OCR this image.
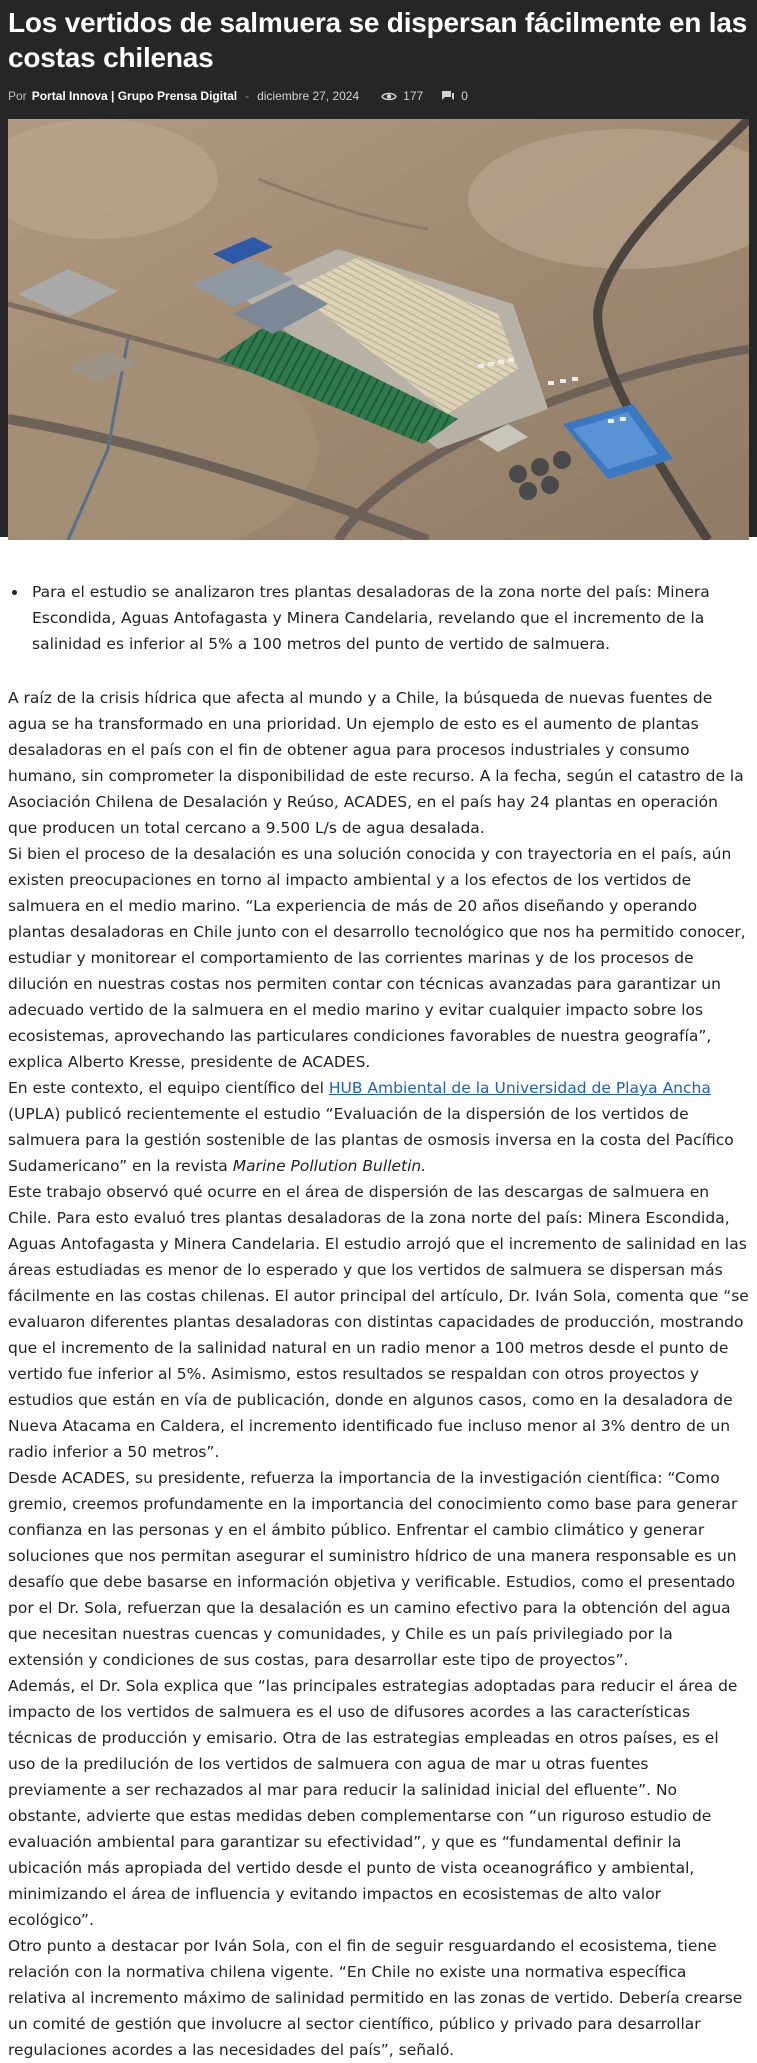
Los vertidos de salmuera se dispersan fácilmente en las costas chilenas
Por Portal Innova | Grupo Prensa Digital - diciembre 27, 2024	177	0
• Para el estudio se analizaron tres plantas desaladoras de la zona norte del país: Minera Escondida, Aguas Antofagasta y Minera Candelaria, revelando que el incremento de la salinidad es inferior al 5% a 100 metros del punto de vertido de salmuera.

A raíz de la crisis hídrica que afecta al mundo y a Chile, la búsqueda de nuevas fuentes de agua se ha transformado en una prioridad. Un ejemplo de esto es el aumento de plantas desaladoras en el país con el fin de obtener agua para procesos industriales y consumo humano, sin comprometer la disponibilidad de este recurso. A la fecha, según el catastro de la Asociación Chilena de Desalación y Reúso, ACADES, en el país hay 24 plantas en operación que producen un total cercano a 9.500 L/s de agua desalada.

Si bien el proceso de la desalación es una solución conocida y con trayectoria en el país, aún existen preocupaciones en torno al impacto ambiental y a los efectos de los vertidos de salmuera en el medio marino. “La experiencia de más de 20 años diseñando y operando plantas desaladoras en Chile junto con el desarrollo tecnológico que nos ha permitido conocer, estudiar y monitorear el comportamiento de las corrientes marinas y de los procesos de dilución en nuestras costas nos permiten contar con técnicas avanzadas para garantizar un adecuado vertido de la salmuera en el medio marino y evitar cualquier impacto sobre los ecosistemas, aprovechando las particulares condiciones favorables de nuestra geografía”, explica Alberto Kresse, presidente de ACADES.

En este contexto, el equipo científico del HUB Ambiental de la Universidad de Playa Ancha (UPLA) publicó recientemente el estudio “Evaluación de la dispersión de los vertidos de salmuera para la gestión sostenible de las plantas de osmosis inversa en la costa del Pacífico Sudamericano” en la revista Marine Pollution Bulletin.

Este trabajo observó qué ocurre en el área de dispersión de las descargas de salmuera en Chile. Para esto evaluó tres plantas desaladoras de la zona norte del país: Minera Escondida, Aguas Antofagasta y Minera Candelaria. El estudio arrojó que el incremento de salinidad en las áreas estudiadas es menor de lo esperado y que los vertidos de salmuera se dispersan más fácilmente en las costas chilenas. El autor principal del artículo, Dr. Iván Sola, comenta que “se evaluaron diferentes plantas desaladoras con distintas capacidades de producción, mostrando que el incremento de la salinidad natural en un radio menor a 100 metros desde el punto de vertido fue inferior al 5%. Asimismo, estos resultados se respaldan con otros proyectos y estudios que están en vía de publicación, donde en algunos casos, como en la desaladora de Nueva Atacama en Caldera, el incremento identificado fue incluso menor al 3% dentro de un radio inferior a 50 metros”.

Desde ACADES, su presidente, refuerza la importancia de la investigación científica: “Como gremio, creemos profundamente en la importancia del conocimiento como base para generar confianza en las personas y en el ámbito público. Enfrentar el cambio climático y generar soluciones que nos permitan asegurar el suministro hídrico de una manera responsable es un desafío que debe basarse en información objetiva y verificable. Estudios, como el presentado por el Dr. Sola, refuerzan que la desalación es un camino efectivo para la obtención del agua que necesitan nuestras cuencas y comunidades, y Chile es un país privilegiado por la extensión y condiciones de sus costas, para desarrollar este tipo de proyectos”.

Además, el Dr. Sola explica que “las principales estrategias adoptadas para reducir el área de impacto de los vertidos de salmuera es el uso de difusores acordes a las características técnicas de producción y emisario. Otra de las estrategias empleadas en otros países, es el uso de la predilución de los vertidos de salmuera con agua de mar u otras fuentes previamente a ser rechazados al mar para reducir la salinidad inicial del efluente”. No obstante, advierte que estas medidas deben complementarse con “un riguroso estudio de evaluación ambiental para garantizar su efectividad”, y que es “fundamental definir la ubicación más apropiada del vertido desde el punto de vista oceanográfico y ambiental, minimizando el área de influencia y evitando impactos en ecosistemas de alto valor ecológico”.

Otro punto a destacar por Iván Sola, con el fin de seguir resguardando el ecosistema, tiene relación con la normativa chilena vigente. “En Chile no existe una normativa específica relativa al incremento máximo de salinidad permitido en las zonas de vertido. Debería crearse un comité de gestión que involucre al sector científico, público y privado para desarrollar regulaciones acordes a las necesidades del país”, señaló.
